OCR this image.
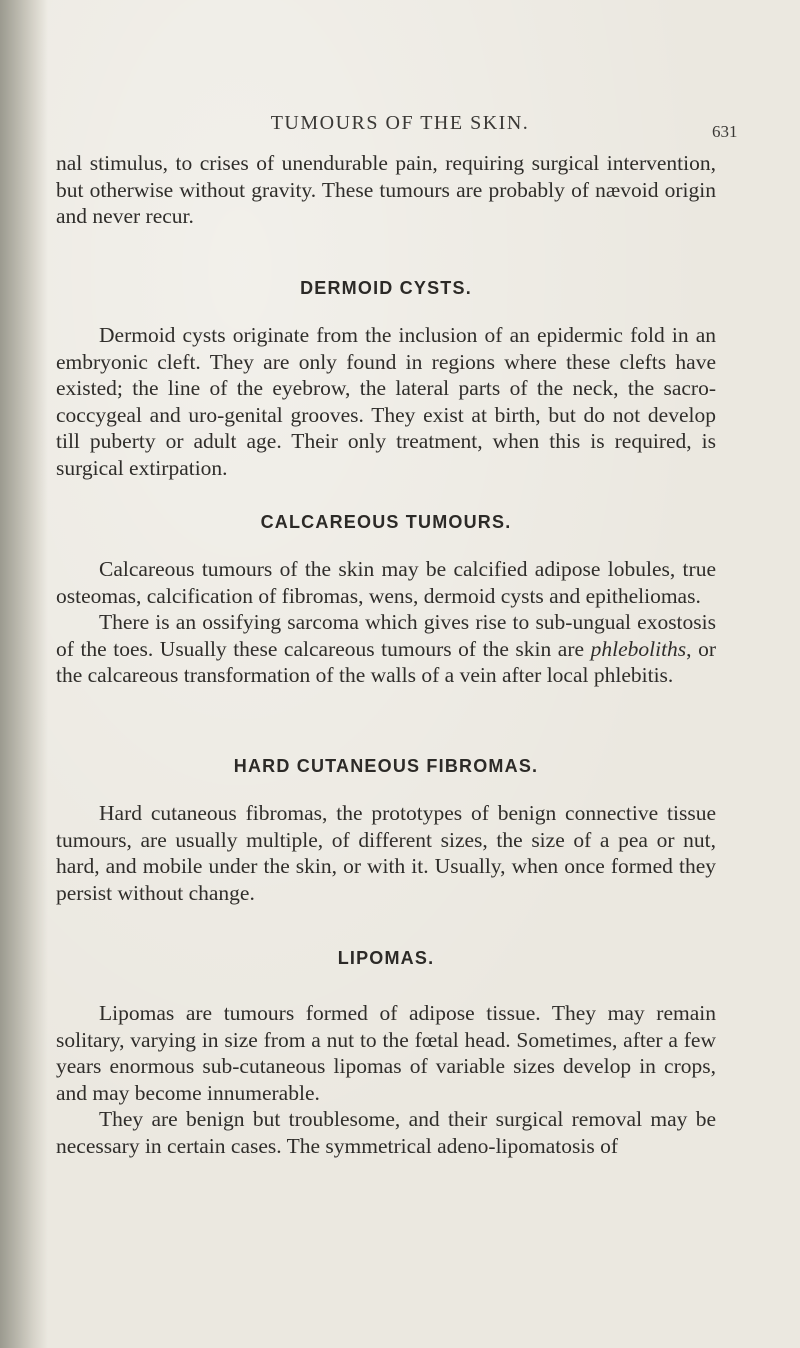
TUMOURS OF THE SKIN.	631

nal stimulus, to crises of unendurable pain, requiring surgical intervention, but otherwise without gravity. These tumours are probably of nævoid origin and never recur.

DERMOID CYSTS.

Dermoid cysts originate from the inclusion of an epidermic fold in an embryonic cleft. They are only found in regions where these clefts have existed; the line of the eyebrow, the lateral parts of the neck, the sacro-coccygeal and uro-genital grooves. They exist at birth, but do not develop till puberty or adult age. Their only treatment, when this is required, is surgical extirpation.

CALCAREOUS TUMOURS.

Calcareous tumours of the skin may be calcified adipose lobules, true osteomas, calcification of fibromas, wens, dermoid cysts and epitheliomas.

There is an ossifying sarcoma which gives rise to sub-ungual exostosis of the toes. Usually these calcareous tumours of the skin are phleboliths, or the calcareous transformation of the walls of a vein after local phlebitis.

HARD CUTANEOUS FIBROMAS.

Hard cutaneous fibromas, the prototypes of benign connective tissue tumours, are usually multiple, of different sizes, the size of a pea or nut, hard, and mobile under the skin, or with it. Usually, when once formed they persist without change.

LIPOMAS.

Lipomas are tumours formed of adipose tissue. They may remain solitary, varying in size from a nut to the fœtal head. Sometimes, after a few years enormous sub-cutaneous lipomas of variable sizes develop in crops, and may become innumerable.

They are benign but troublesome, and their surgical removal may be necessary in certain cases. The symmetrical adeno-lipomatosis of
